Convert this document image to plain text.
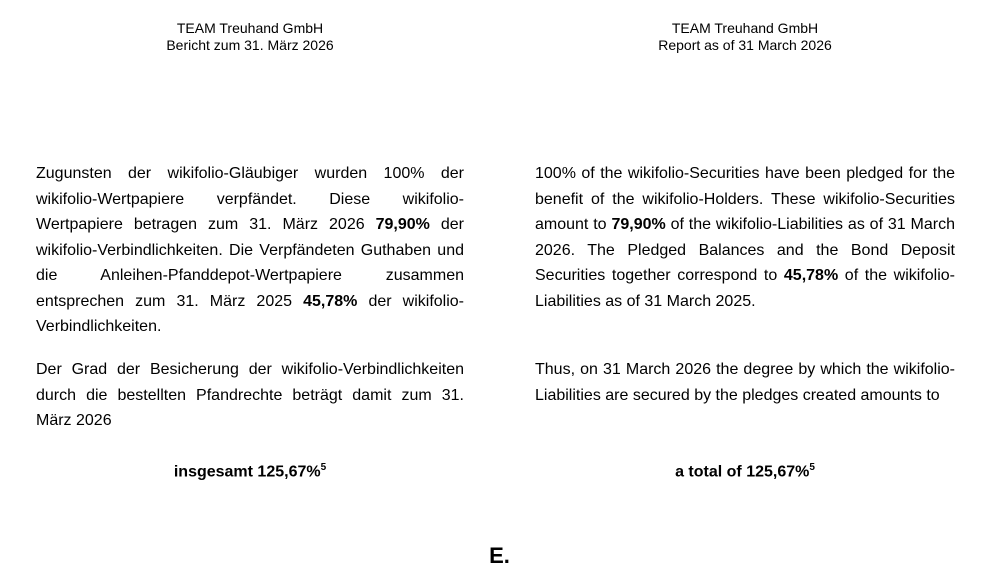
TEAM Treuhand GmbH
Bericht zum 31. März 2026
TEAM Treuhand GmbH
Report as of 31 March 2026

Zugunsten der wikifolio-Gläubiger wurden 100% der wikifolio-Wertpapiere verpfändet. Diese wikifolio-Wertpapiere betragen zum 31. März 2026 79,90% der wikifolio-Verbindlichkeiten. Die Verpfändeten Guthaben und die Anleihen-Pfanddepot-Wertpapiere zusammen entsprechen zum 31. März 2025 45,78% der wikifolio-Verbindlichkeiten.

100% of the wikifolio-Securities have been pledged for the benefit of the wikifolio-Holders. These wikifolio-Securities amount to 79,90% of the wikifolio-Liabilities as of 31 March 2026. The Pledged Balances and the Bond Deposit Securities together correspond to 45,78% of the wikifolio-Liabilities as of 31 March 2025.

Der Grad der Besicherung der wikifolio-Verbindlichkeiten durch die bestellten Pfandrechte beträgt damit zum 31. März 2026

Thus, on 31 March 2026 the degree by which the wikifolio-Liabilities are secured by the pledges created amounts to

insgesamt 125,67%$^5$	a total of 125,67%$^5$
E.
